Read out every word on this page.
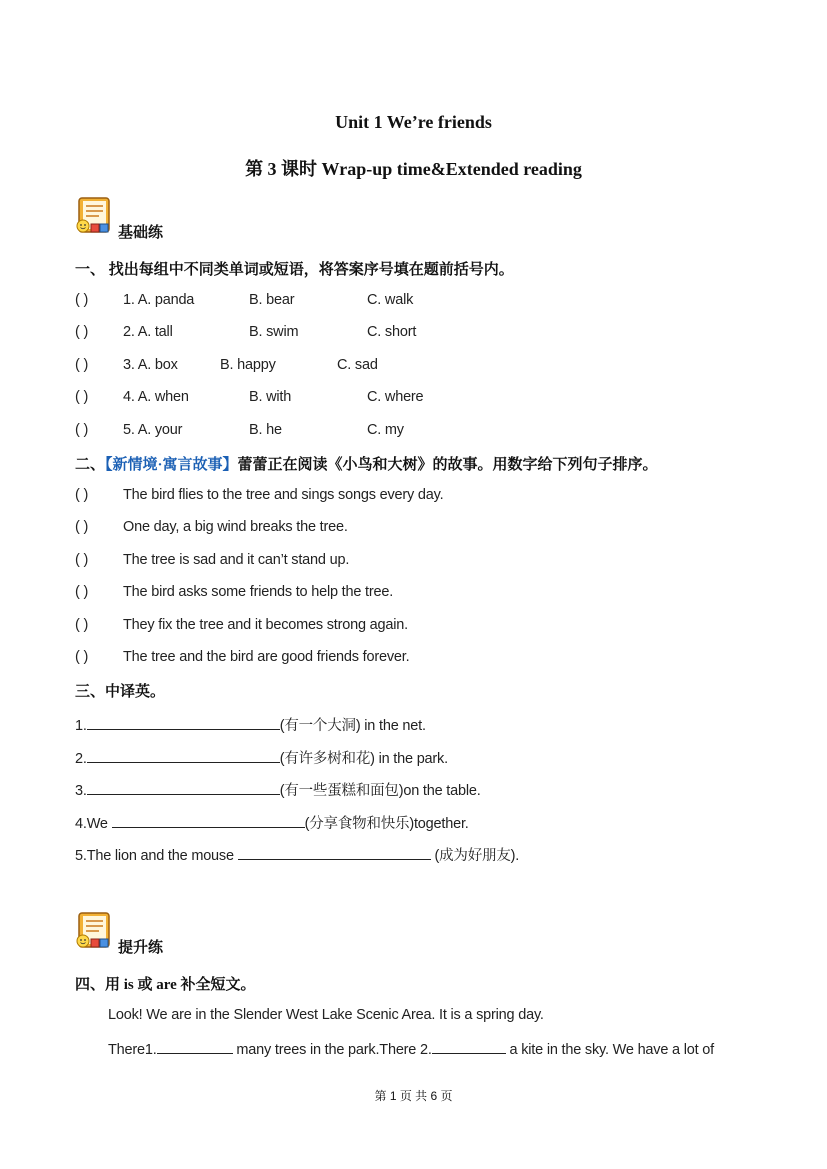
Unit 1 We’re friends
第 3 课时 Wrap-up time&Extended reading
基础练
一、 找出每组中不同类单词或短语，将答案序号填在题前括号内。
( ) 1. A. panda	B. bear	C. walk
( ) 2. A. tall	B. swim	C. short
( ) 3. A. box	B. happy	C. sad
( ) 4. A. when	B. with	C. where
( ) 5. A. your	B. he	C. my
二、【新情境·寓言故事】蕾蕾正在阅读《小鸟和大树》的故事。用数字给下列句子排序。
( ) The bird flies to the tree and sings songs every day.
( ) One day, a big wind breaks the tree.
( ) The tree is sad and it can’t stand up.
( ) The bird asks some friends to help the tree.
( ) They fix the tree and it becomes strong again.
( ) The tree and the bird are good friends forever.
三、中译英。
1.	(有一个大洞) in the net.
2.	(有许多树和花) in the park.
3.	(有一些蛋糕和面包)on the table.
4.We	(分享食物和快乐)together.
5.The lion and the mouse	(成为好朋友).
提升练
四、用 is 或 are 补全短文。
Look! We are in the Slender West Lake Scenic Area. It is a spring day.
There1.	many trees in the park.There 2.	a kite in the sky. We have a lot of
第 1 页 共 6 页
